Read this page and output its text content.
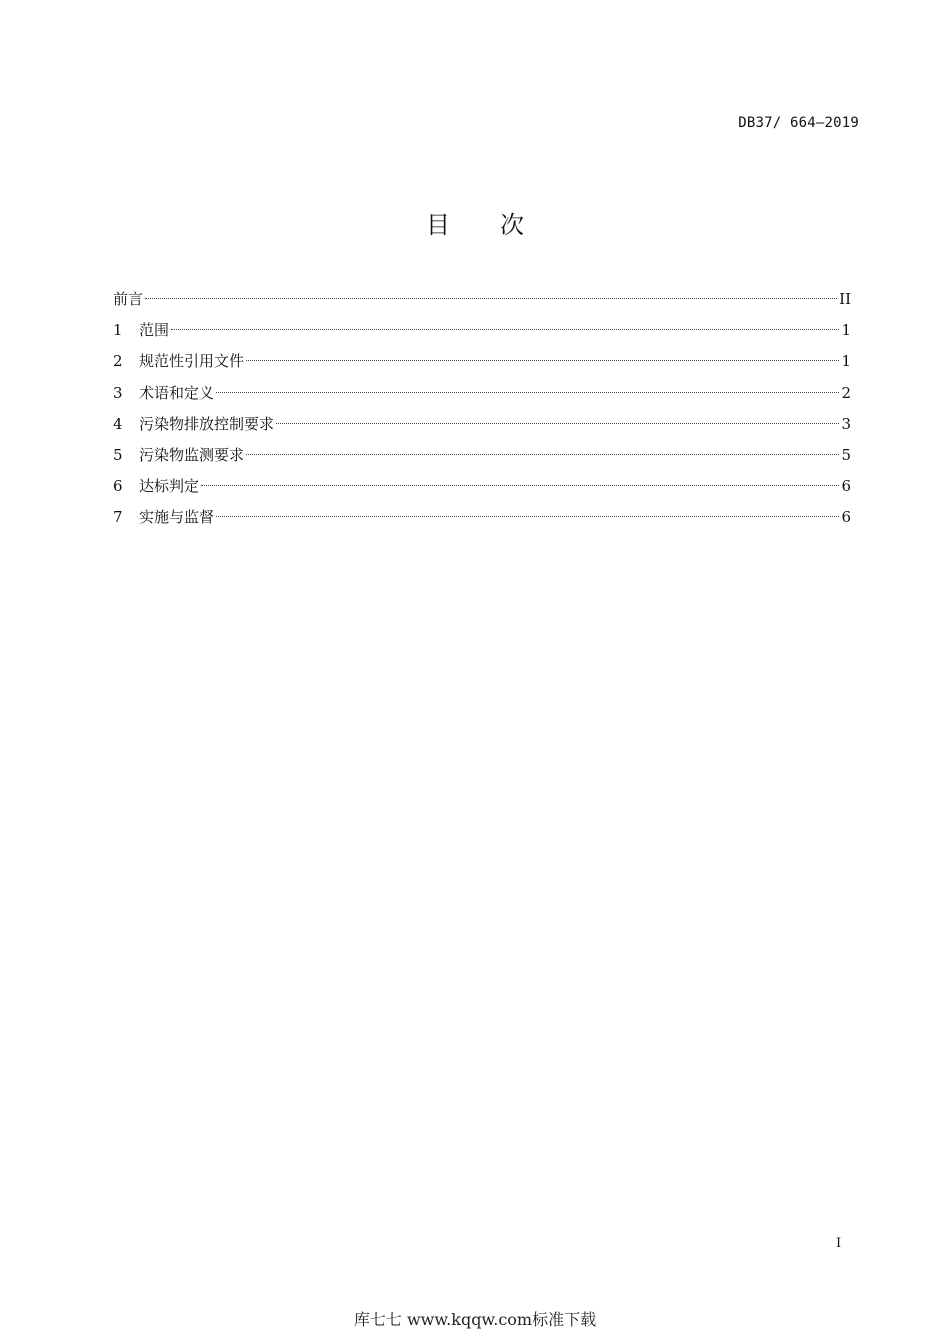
DB37/ 664—2019
目 次
前言	II
1	范围	1
2	规范性引用文件	1
3	术语和定义	2
4	污染物排放控制要求	3
5	污染物监测要求	5
6	达标判定	6
7	实施与监督	6
I
库七七 www.kqqw.com标准下载
